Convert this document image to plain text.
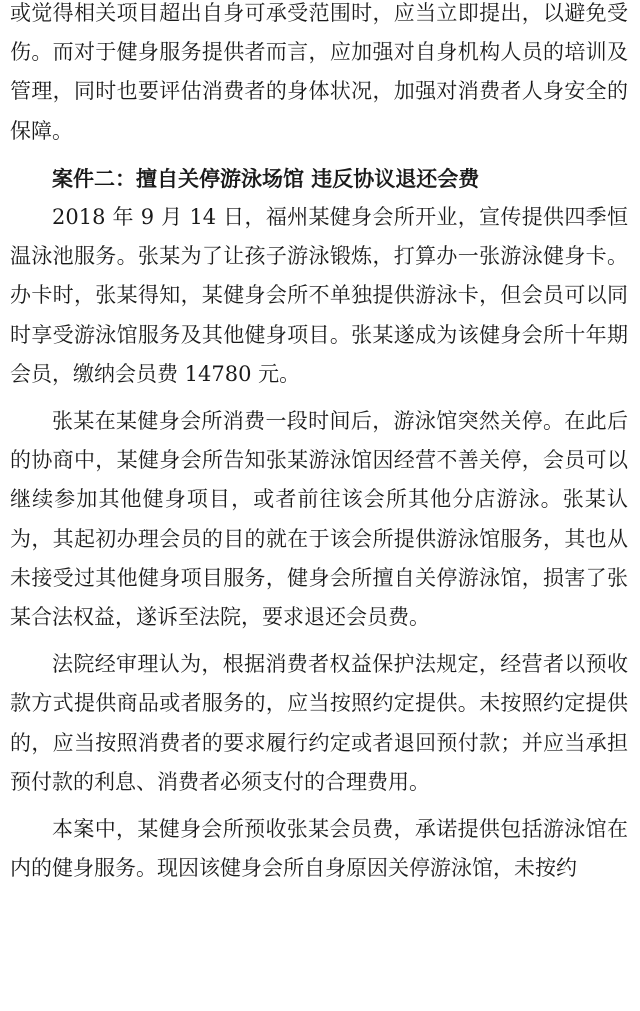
或觉得相关项目超出自身可承受范围时，应当立即提出，以避免受伤。而对于健身服务提供者而言，应加强对自身机构人员的培训及管理，同时也要评估消费者的身体状况，加强对消费者人身安全的保障。

案件二：擅自关停游泳场馆 违反协议退还会费

2018 年 9 月 14 日，福州某健身会所开业，宣传提供四季恒温泳池服务。张某为了让孩子游泳锻炼，打算办一张游泳健身卡。办卡时，张某得知，某健身会所不单独提供游泳卡，但会员可以同时享受游泳馆服务及其他健身项目。张某遂成为该健身会所十年期会员，缴纳会员费 14780 元。

张某在某健身会所消费一段时间后，游泳馆突然关停。在此后的协商中，某健身会所告知张某游泳馆因经营不善关停，会员可以继续参加其他健身项目，或者前往该会所其他分店游泳。张某认为，其起初办理会员的目的就在于该会所提供游泳馆服务，其也从未接受过其他健身项目服务，健身会所擅自关停游泳馆，损害了张某合法权益，遂诉至法院，要求退还会员费。

法院经审理认为，根据消费者权益保护法规定，经营者以预收款方式提供商品或者服务的，应当按照约定提供。未按照约定提供的，应当按照消费者的要求履行约定或者退回预付款；并应当承担预付款的利息、消费者必须支付的合理费用。

本案中，某健身会所预收张某会员费，承诺提供包括游泳馆在内的健身服务。现因该健身会所自身原因关停游泳馆，未按约
